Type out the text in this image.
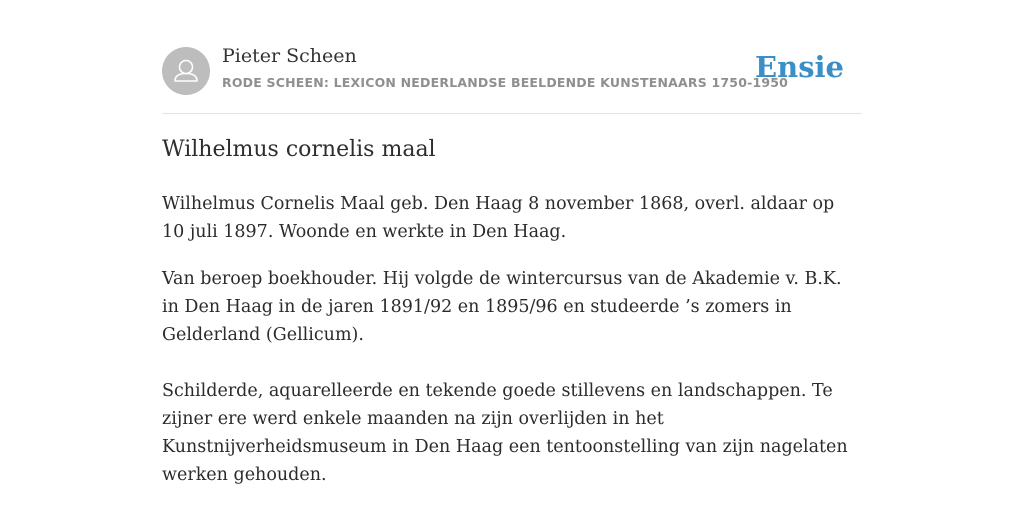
Pieter Scheen
RODE SCHEEN: LEXICON NEDERLANDSE BEELDENDE KUNSTENAARS 1750-1950
Ensie
Wilhelmus cornelis maal

Wilhelmus Cornelis Maal geb. Den Haag 8 november 1868, overl. aldaar op 10 juli 1897. Woonde en werkte in Den Haag.

Van beroep boekhouder. Hij volgde de wintercursus van de Akademie v. B.K. in Den Haag in de jaren 1891/92 en 1895/96 en studeerde ’s zomers in Gelderland (Gellicum).

Schilderde, aquarelleerde en tekende goede stillevens en landschappen. Te zijner ere werd enkele maanden na zijn overlijden in het Kunstnijverheidsmuseum in Den Haag een tentoonstelling van zijn nagelaten werken gehouden.
